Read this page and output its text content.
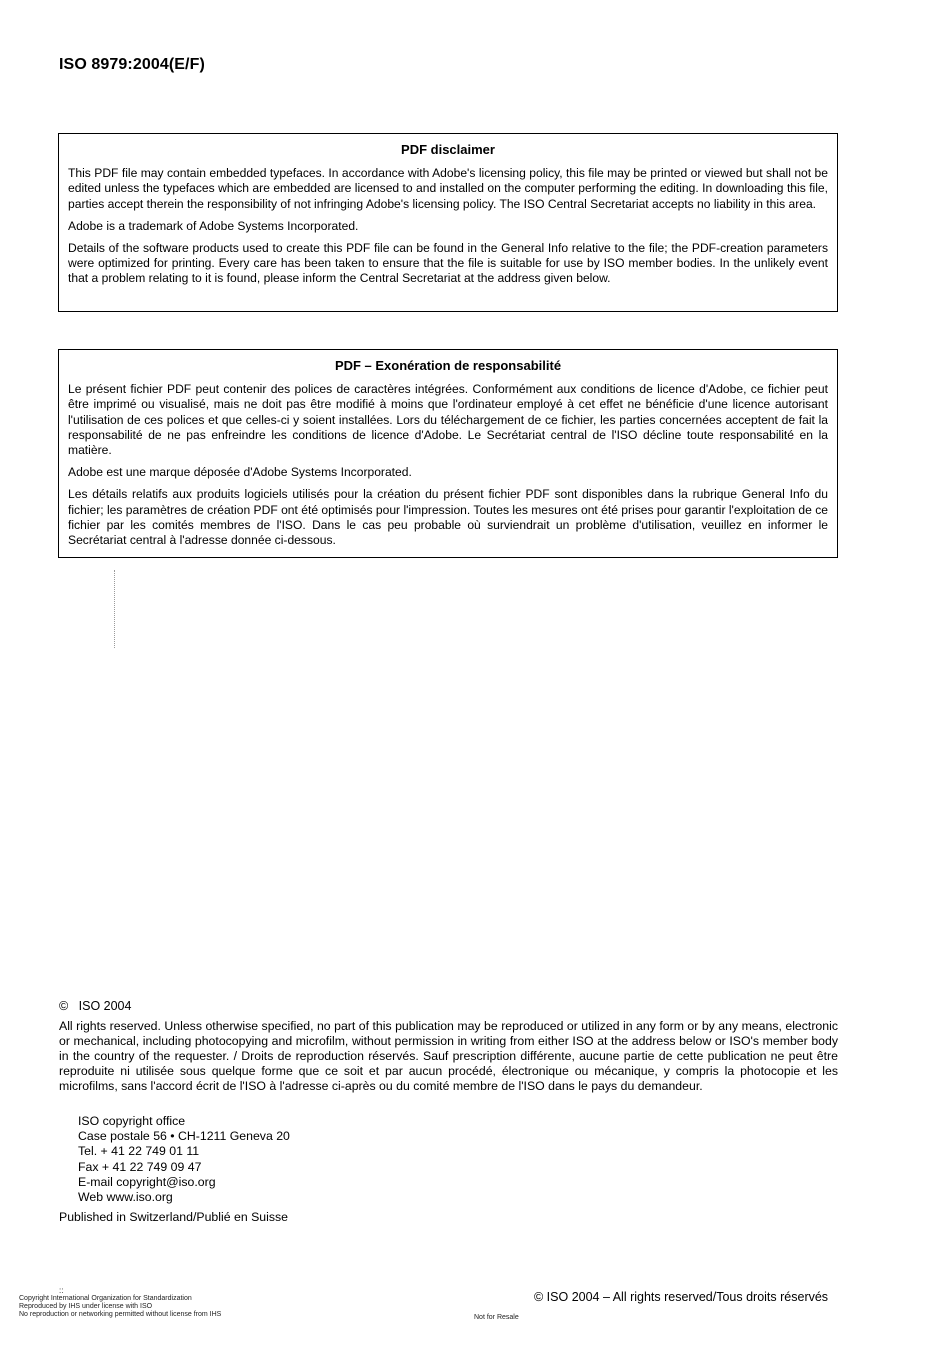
ISO 8979:2004(E/F)
PDF disclaimer

This PDF file may contain embedded typefaces. In accordance with Adobe's licensing policy, this file may be printed or viewed but shall not be edited unless the typefaces which are embedded are licensed to and installed on the computer performing the editing. In downloading this file, parties accept therein the responsibility of not infringing Adobe's licensing policy. The ISO Central Secretariat accepts no liability in this area.

Adobe is a trademark of Adobe Systems Incorporated.

Details of the software products used to create this PDF file can be found in the General Info relative to the file; the PDF-creation parameters were optimized for printing. Every care has been taken to ensure that the file is suitable for use by ISO member bodies. In the unlikely event that a problem relating to it is found, please inform the Central Secretariat at the address given below.

PDF – Exonération de responsabilité

Le présent fichier PDF peut contenir des polices de caractères intégrées. Conformément aux conditions de licence d'Adobe, ce fichier peut être imprimé ou visualisé, mais ne doit pas être modifié à moins que l'ordinateur employé à cet effet ne bénéficie d'une licence autorisant l'utilisation de ces polices et que celles-ci y soient installées. Lors du téléchargement de ce fichier, les parties concernées acceptent de fait la responsabilité de ne pas enfreindre les conditions de licence d'Adobe. Le Secrétariat central de l'ISO décline toute responsabilité en la matière.

Adobe est une marque déposée d'Adobe Systems Incorporated.

Les détails relatifs aux produits logiciels utilisés pour la création du présent fichier PDF sont disponibles dans la rubrique General Info du fichier; les paramètres de création PDF ont été optimisés pour l'impression. Toutes les mesures ont été prises pour garantir l'exploitation de ce fichier par les comités membres de l'ISO. Dans le cas peu probable où surviendrait un problème d'utilisation, veuillez en informer le Secrétariat central à l'adresse donnée ci-dessous.

©   ISO 2004
All rights reserved. Unless otherwise specified, no part of this publication may be reproduced or utilized in any form or by any means, electronic or mechanical, including photocopying and microfilm, without permission in writing from either ISO at the address below or ISO's member body in the country of the requester. / Droits de reproduction réservés. Sauf prescription différente, aucune partie de cette publication ne peut être reproduite ni utilisée sous quelque forme que ce soit et par aucun procédé, électronique ou mécanique, y compris la photocopie et les microfilms, sans l'accord écrit de l'ISO à l'adresse ci-après ou du comité membre de l'ISO dans le pays du demandeur.
ISO copyright office
Case postale 56 • CH-1211 Geneva 20
Tel. + 41 22 749 01 11
Fax + 41 22 749 09 47
E-mail copyright@iso.org
Web www.iso.org
Published in Switzerland/Publié en Suisse
::
Copyright International Organization for Standardization
Reproduced by IHS under license with ISO
No reproduction or networking permitted without license from IHS
© ISO 2004 – All rights reserved/Tous droits réservés
Not for Resale
